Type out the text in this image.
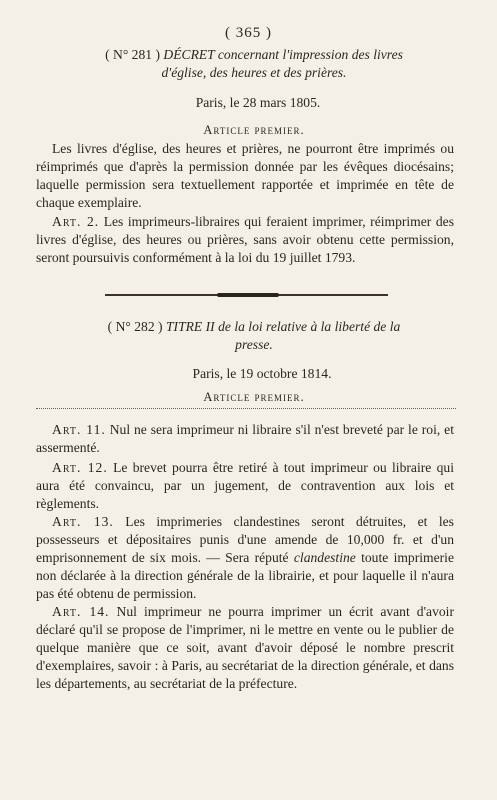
( 365 )
( N° 281 ) DÉCRET concernant l'impression des livres
d'église, des heures et des prières.
Paris, le 28 mars 1805.
Article premier.
Les livres d'église, des heures et prières, ne pourront être imprimés ou réimprimés que d'après la permission donnée par les évêques diocésains; laquelle permission sera textuellement rapportée et imprimée en tête de chaque exemplaire.
Art. 2. Les imprimeurs-libraires qui feraient imprimer, réimprimer des livres d'église, des heures ou prières, sans avoir obtenu cette permission, seront poursuivis conformément à la loi du 19 juillet 1793.
( N° 282 ) TITRE II de la loi relative à la liberté de la
presse.
Paris, le 19 octobre 1814.
Article premier.
Art. 11. Nul ne sera imprimeur ni libraire s'il n'est breveté par le roi, et assermenté.
Art. 12. Le brevet pourra être retiré à tout imprimeur ou libraire qui aura été convaincu, par un jugement, de contravention aux lois et règlements.
Art. 13. Les imprimeries clandestines seront détruites, et les possesseurs et dépositaires punis d'une amende de 10,000 fr. et d'un emprisonnement de six mois. — Sera réputé clandestine toute imprimerie non déclarée à la direction générale de la librairie, et pour laquelle il n'aura pas été obtenu de permission.
Art. 14. Nul imprimeur ne pourra imprimer un écrit avant d'avoir déclaré qu'il se propose de l'imprimer, ni le mettre en vente ou le publier de quelque manière que ce soit, avant d'avoir déposé le nombre prescrit d'exemplaires, savoir : à Paris, au secrétariat de la direction générale, et dans les départements, au secrétariat de la préfecture.
